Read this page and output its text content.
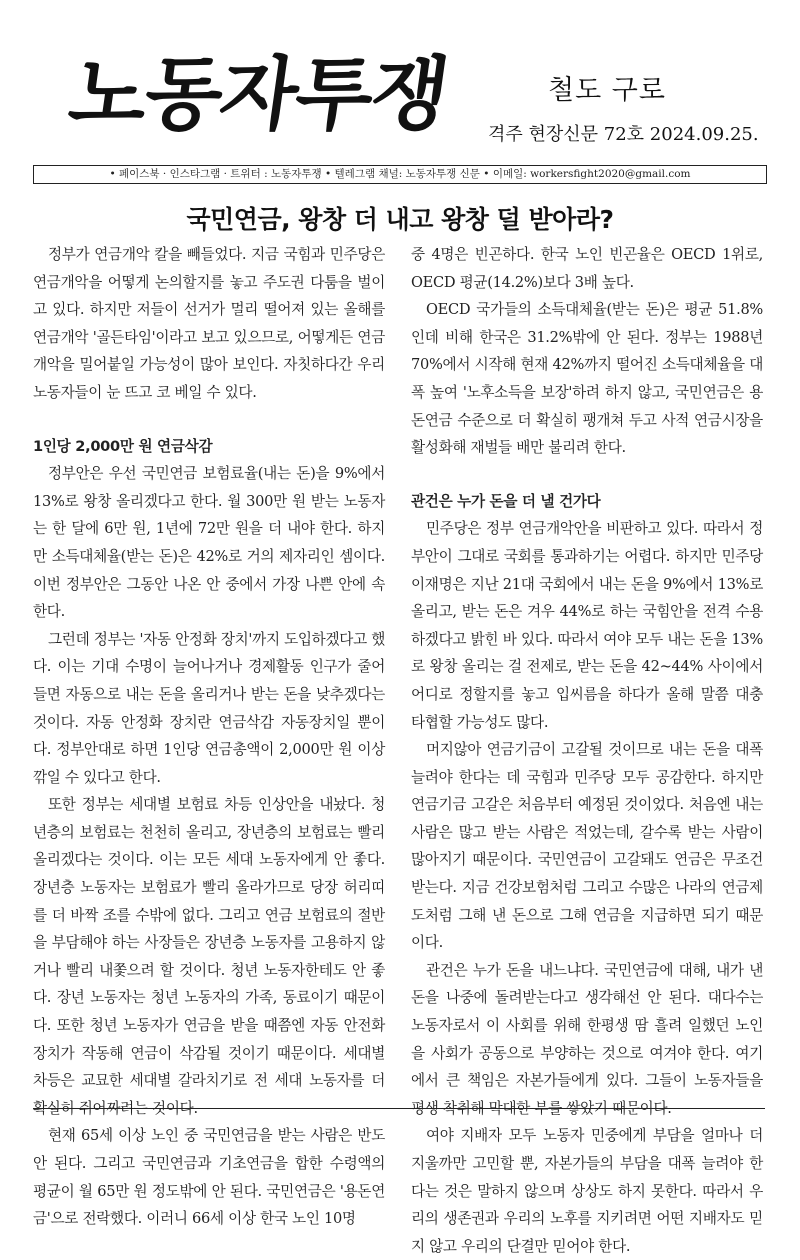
노동자투쟁	철도 구로
격주 현장신문 72호 2024.09.25.
• 페이스북 · 인스타그램 · 트위터 : 노동자투쟁 • 텔레그램 채널: 노동자투쟁 신문 • 이메일: workersfight2020@gmail.com
국민연금, 왕창 더 내고 왕창 덜 받아라?

정부가 연금개악 칼을 빼들었다. 지금 국힘과 민주당은 연금개악을 어떻게 논의할지를 놓고 주도권 다툼을 벌이고 있다. 하지만 저들이 선거가 멀리 떨어져 있는 올해를 연금개악 '골든타임'이라고 보고 있으므로, 어떻게든 연금개악을 밀어붙일 가능성이 많아 보인다. 자칫하다간 우리 노동자들이 눈 뜨고 코 베일 수 있다.

1인당 2,000만 원 연금삭감

정부안은 우선 국민연금 보험료율(내는 돈)을 9%에서 13%로 왕창 올리겠다고 한다. 월 300만 원 받는 노동자는 한 달에 6만 원, 1년에 72만 원을 더 내야 한다. 하지만 소득대체율(받는 돈)은 42%로 거의 제자리인 셈이다. 이번 정부안은 그동안 나온 안 중에서 가장 나쁜 안에 속한다.

그런데 정부는 '자동 안정화 장치'까지 도입하겠다고 했다. 이는 기대 수명이 늘어나거나 경제활동 인구가 줄어들면 자동으로 내는 돈을 올리거나 받는 돈을 낮추겠다는 것이다. 자동 안정화 장치란 연금삭감 자동장치일 뿐이다. 정부안대로 하면 1인당 연금총액이 2,000만 원 이상 깎일 수 있다고 한다.

또한 정부는 세대별 보험료 차등 인상안을 내놨다. 청년층의 보험료는 천천히 올리고, 장년층의 보험료는 빨리 올리겠다는 것이다. 이는 모든 세대 노동자에게 안 좋다. 장년층 노동자는 보험료가 빨리 올라가므로 당장 허리띠를 더 바짝 조를 수밖에 없다. 그리고 연금 보험료의 절반을 부담해야 하는 사장들은 장년층 노동자를 고용하지 않거나 빨리 내쫓으려 할 것이다. 청년 노동자한테도 안 좋다. 장년 노동자는 청년 노동자의 가족, 동료이기 때문이다. 또한 청년 노동자가 연금을 받을 때쯤엔 자동 안전화 장치가 작동해 연금이 삭감될 것이기 때문이다. 세대별 차등은 교묘한 세대별 갈라치기로 전 세대 노동자를 더 확실히 쥐어짜려는 것이다.

현재 65세 이상 노인 중 국민연금을 받는 사람은 반도 안 된다. 그리고 국민연금과 기초연금을 합한 수령액의 평균이 월 65만 원 정도밖에 안 된다. 국민연금은 '용돈연금'으로 전락했다. 이러니 66세 이상 한국 노인 10명

중 4명은 빈곤하다. 한국 노인 빈곤율은 OECD 1위로, OECD 평균(14.2%)보다 3배 높다.

OECD 국가들의 소득대체율(받는 돈)은 평균 51.8%인데 비해 한국은 31.2%밖에 안 된다. 정부는 1988년 70%에서 시작해 현재 42%까지 떨어진 소득대체율을 대폭 높여 '노후소득을 보장'하려 하지 않고, 국민연금은 용돈연금 수준으로 더 확실히 팽개쳐 두고 사적 연금시장을 활성화해 재벌들 배만 불리려 한다.

관건은 누가 돈을 더 낼 건가다

민주당은 정부 연금개악안을 비판하고 있다. 따라서 정부안이 그대로 국회를 통과하기는 어렵다. 하지만 민주당 이재명은 지난 21대 국회에서 내는 돈을 9%에서 13%로 올리고, 받는 돈은 겨우 44%로 하는 국힘안을 전격 수용하겠다고 밝힌 바 있다. 따라서 여야 모두 내는 돈을 13%로 왕창 올리는 걸 전제로, 받는 돈을 42~44% 사이에서 어디로 정할지를 놓고 입씨름을 하다가 올해 말쯤 대충 타협할 가능성도 많다.

머지않아 연금기금이 고갈될 것이므로 내는 돈을 대폭 늘려야 한다는 데 국힘과 민주당 모두 공감한다. 하지만 연금기금 고갈은 처음부터 예정된 것이었다. 처음엔 내는 사람은 많고 받는 사람은 적었는데, 갈수록 받는 사람이 많아지기 때문이다. 국민연금이 고갈돼도 연금은 무조건 받는다. 지금 건강보험처럼 그리고 수많은 나라의 연금제도처럼 그해 낸 돈으로 그해 연금을 지급하면 되기 때문이다.

관건은 누가 돈을 내느냐다. 국민연금에 대해, 내가 낸 돈을 나중에 돌려받는다고 생각해선 안 된다. 대다수는 노동자로서 이 사회를 위해 한평생 땀 흘려 일했던 노인을 사회가 공동으로 부양하는 것으로 여겨야 한다. 여기에서 큰 책임은 자본가들에게 있다. 그들이 노동자들을 평생 착취해 막대한 부를 쌓았기 때문이다.

여야 지배자 모두 노동자 민중에게 부담을 얼마나 더 지울까만 고민할 뿐, 자본가들의 부담을 대폭 늘려야 한다는 것은 말하지 않으며 상상도 하지 못한다. 따라서 우리의 생존권과 우리의 노후를 지키려면 어떤 지배자도 믿지 않고 우리의 단결만 믿어야 한다.
